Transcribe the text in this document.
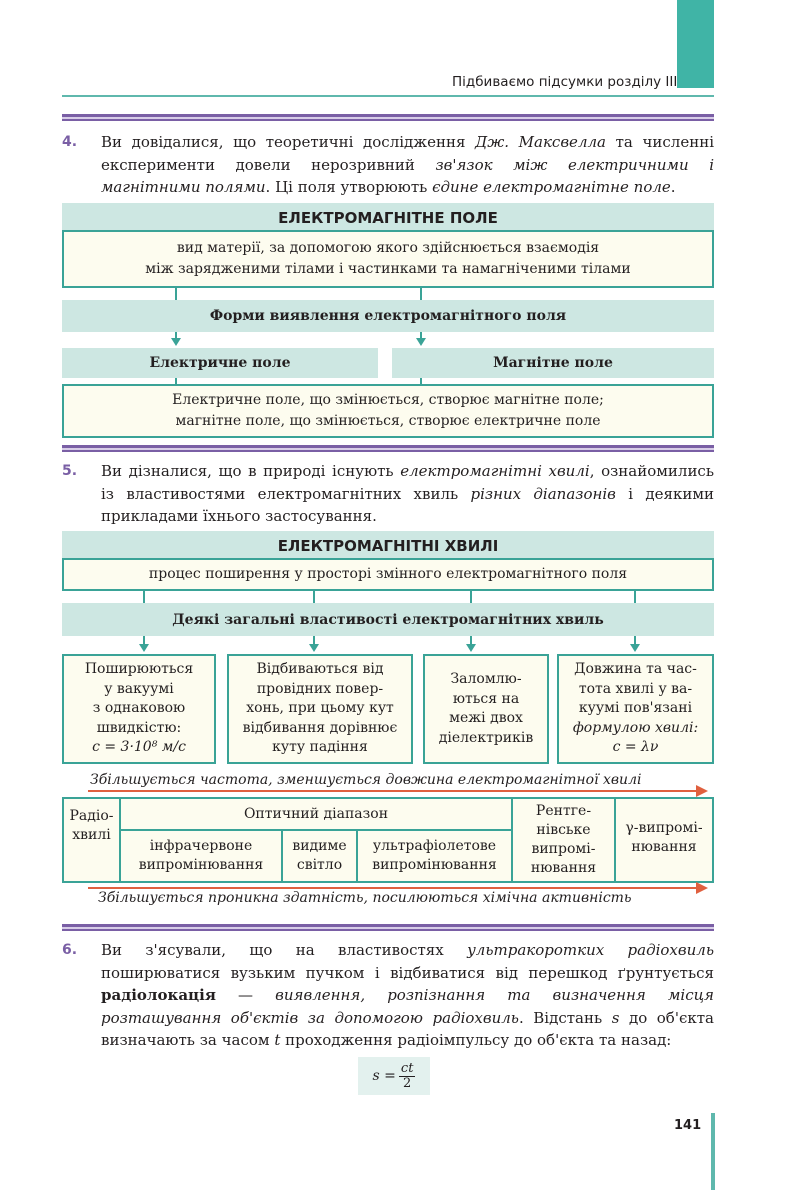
Підбиваємо підсумки розділу III
4. Ви довідалися, що теоретичні дослідження Дж. Максвелла та численні експерименти довели нерозривний зв'язок між електричними і магнітними полями. Ці поля утворюють єдине електромагнітне поле.
ЕЛЕКТРОМАГНІТНЕ ПОЛЕ
вид матерії, за допомогою якого здійснюється взаємодія
між зарядженими тілами і частинками та намагніченими тілами
Форми виявлення електромагнітного поля
Електричне поле	Магнітне поле
Електричне поле, що змінюється, створює магнітне поле;
магнітне поле, що змінюється, створює електричне поле
5. Ви дізналися, що в природі існують електромагнітні хвилі, ознайомились із властивостями електромагнітних хвиль різних діапазонів і деякими прикладами їхнього застосування.
ЕЛЕКТРОМАГНІТНІ ХВИЛІ
процес поширення у просторі змінного електромагнітного поля
Деякі загальні властивості електромагнітних хвиль
Поширюються
у вакуумі
з однаковою
швидкістю:
c = 3·10⁸ м/с
Відбиваються від
провідних повер-
хонь, при цьому кут
відбивання дорівнює
куту падіння
Заломлю-
ються на
межі двох
діелектриків
Довжина та час-
тота хвилі у ва-
куумі пов'язані
формулою хвилі:
c = λν
Збільшується частота, зменшується довжина електромагнітної хвилі
Радіо-
хвилі
Оптичний діапазон
інфрачервоне
випромінювання
видиме
світло
ультрафіолетове
випромінювання
Рентге-
нівське
випромі-
нювання
γ-випромі-
нювання
Збільшується проникна здатність, посилюються хімічна активність
6. Ви з'ясували, що на властивостях ультракоротких радіохвиль поширюватися вузьким пучком і відбиватися від перешкод ґрунтується радіолокація — виявлення, розпізнання та визначення місця розташування об'єктів за допомогою радіохвиль. Відстань s до об'єкта визначають за часом t проходження радіоімпульсу до об'єкта та назад:
$s = \frac{ct}{2}$
141
